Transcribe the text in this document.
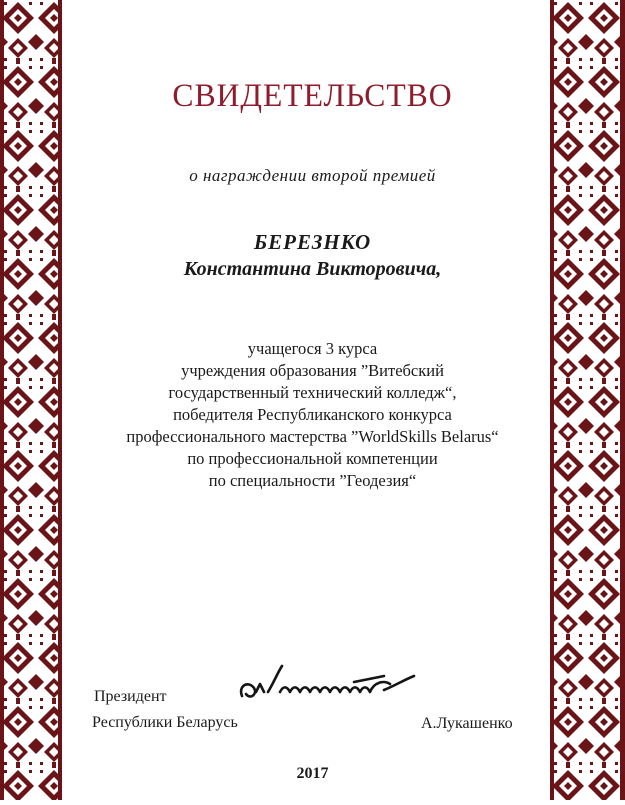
СВИДЕТЕЛЬСТВО
о награждении второй премией
БЕРЕЗНКО
Константина Викторовича,
учащегося 3 курса
учреждения образования ”Витебский
государственный технический колледж“,
победителя Республиканского конкурса
профессионального мастерства ”WorldSkills Belarus“
по профессиональной компетенции
по специальности ”Геодезия“
Президент
Республики Беларусь	А.Лукашенко
2017
